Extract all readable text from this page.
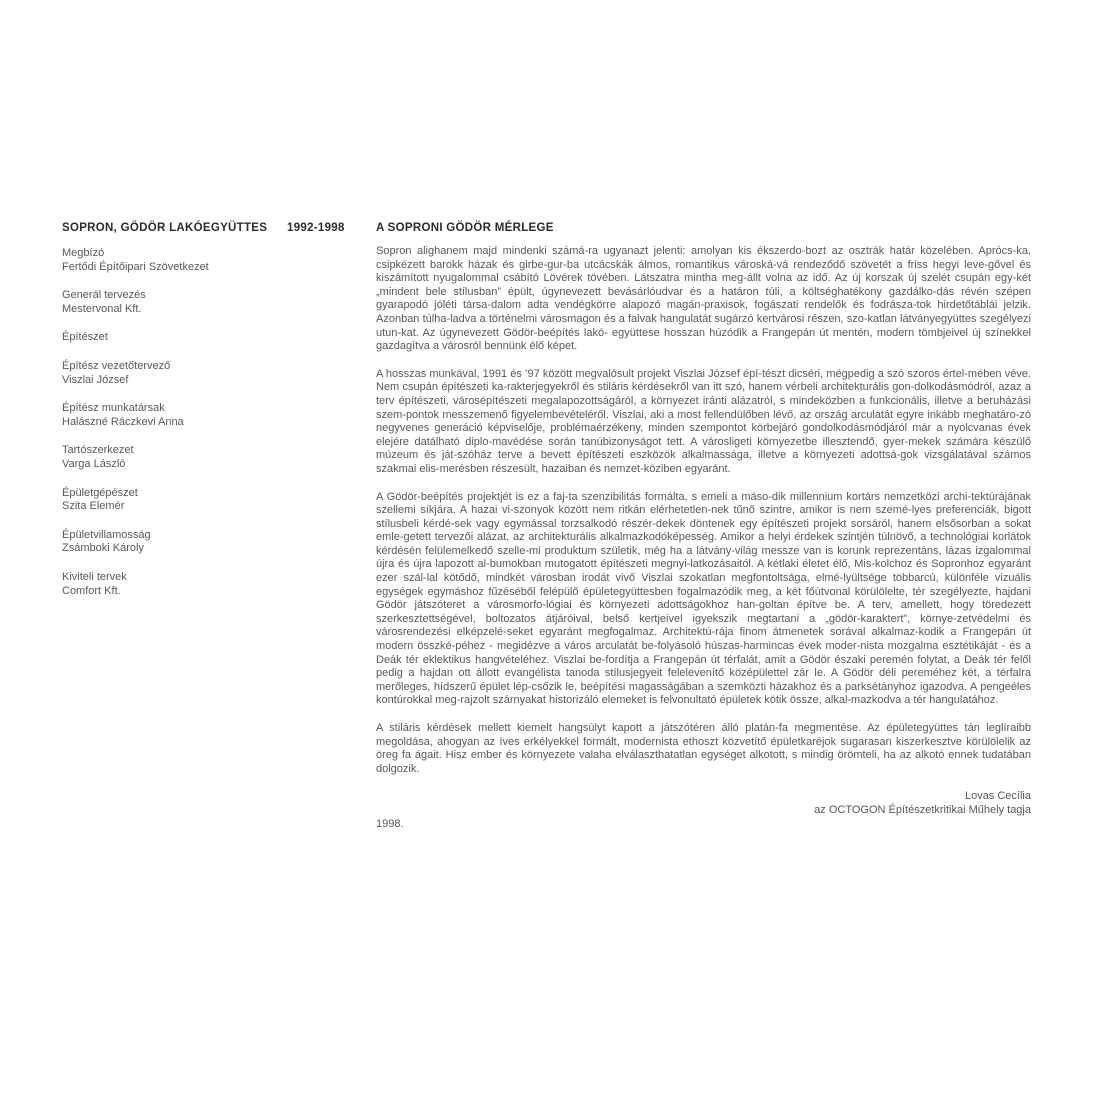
SOPRON, GÖDÖR LAKÓEGYÜTTES 1992-1998	A SOPRONI GÖDÖR MÉRLEGE
Megbízó
Fertődi Építőipari Szövetkezet
Generál tervezés
Mestervonal Kft.
Építészet
Építész vezetőtervező
Viszlai József
Építész munkatársak
Halászné Ráczkevi Anna
Tartószerkezet
Varga László
Épületgépészet
Szita Elemér
Épületvillamosság
Zsámboki Károly
Kiviteli tervek
Comfort Kft.

Sopron alighanem majd mindenki számá-ra ugyanazt jelenti: amolyan kis ékszerdo-bozt az osztrák határ közelében. Aprócs-ka, csipkézett barokk házak és girbe-gur-ba utcácskák álmos, romantikus városká-vá rendeződő szövetét a friss hegyi leve-gővel és kiszámított nyugalommal csábító Lövérek tövében. Látszatra mintha meg-állt volna az idő. Az új korszak új szelét csupán egy-két „mindent bele stílusban” épült, úgynevezett bevásárlóudvar és a határon túli, a költséghatékony gazdálko-dás révén szépen gyarapodó jóléti társa-dalom adta vendégkörre alapozó magán-praxisok, fogászati rendelők és fodrásza-tok hirdetőtáblái jelzik. Azonban túlha-ladva a történelmi városmagon és a falvak hangulatát sugárzó kertvárosi részen, szo-katlan látványegyüttes szegélyezi utun-kat. Az úgynevezett Gödör-beépítés lakó- együttese hosszan húzódik a Frangepán út mentén, modern tömbjeivel új színekkel gazdagítva a városról bennünk élő képet.

A hosszas munkával, 1991 és ’97 között megvalósult projekt Viszlai József épí-tészt dicséri, mégpedig a szó szoros értel-mében véve. Nem csupán építészeti ka-rakterjegyekről és stiláris kérdésekről van itt szó, hanem vérbeli architekturális gon-dolkodásmódról, azaz a terv építészeti, városépítészeti megalapozottságáról, a környezet iránti alázatról, s mindeközben a funkcionális, illetve a beruházási szem-pontok messzemenő figyelembevételéről. Viszlai, aki a most fellendülőben lévő, az ország arculatát egyre inkább meghatáro-zó negyvenes generáció képviselője, problémaérzékeny, minden szempontot körbejáró gondolkodásmódjáról már a nyolcvanas évek elejére datálható diplo-mavédése során tanúbizonyságot tett. A városligeti környezetbe illesztendő, gyer-mekek számára készülő múzeum és ját-szóház terve a bevett építészeti eszközök alkalmassága, illetve a környezeti adottsá-gok vizsgálatával számos szakmai elis-merésben részesült, hazaiban és nemzet-köziben egyaránt.

A Gödör-beépítés projektjét is ez a faj-ta szenzibilitás formálta, s emeli a máso-dik millennium kortárs nemzetközi archi-tektúrájának szellemi síkjára. A hazai vi-szonyok között nem ritkán elérhetetlen-nek tűnő szintre, amikor is nem szemé-lyes preferenciák, bigott stílusbeli kérdé-sek vagy egymással torzsalkodó részér-dekek döntenek egy építészeti projekt sorsáról, hanem elsősorban a sokat emle-getett tervezői alázat, az architekturális alkalmazkodóképesség. Amikor a helyi érdekek szintjén túlnövő, a technológiai korlátok kérdésén felülemelkedő szelle-mi produktum születik, még ha a látvány-világ messze van is korunk reprezentáns, lázas izgalommal újra és újra lapozott al-bumokban mutogatott építészeti megnyi-latkozásaitól. A kétlaki életet élő, Mis-kolchoz és Sopronhoz egyaránt ezer szál-lal kötődő, mindkét városban irodát vivő Viszlai szokatlan megfontoltsága, elmé-lyültsége többarcú, különféle vizuális egységek egymáshoz fűzéséből felépülő épületegyüttesben fogalmazódik meg, a két főútvonal körülölelte, tér szegélyezte, hajdani Gödör játszóteret a városmorfo-lógiai és környezeti adottságokhoz han-goltan építve be. A terv, amellett, hogy töredezett szerkesztettségével, boltozatos átjáróival, belső kertjeivel igyekszik megtartani a „gödör-karaktert”, környe-zetvédelmi és városrendezési elképzelé-seket egyaránt megfogalmaz. Architektú-rája finom átmenetek sorával alkalmaz-kodik a Frangepán út modern összké-péhez - megidézve a város arculatát be-folyásoló húszas-harmincas évek moder-nista mozgalma esztétikáját - és a Deák tér eklektikus hangvételéhez. Viszlai be-fordítja a Frangepán út térfalát, amit a Gödör északi peremén folytat, a Deák tér felől pedig a hajdan ott állott evangélista tanoda stílusjegyeit felelevenítő középülettel zár le. A Gödör déli pereméhez két, a térfalra merőleges, hídszerű épület lép-csőzik le, beépítési magasságában a szemközti házakhoz és a parksétányhoz igazodva. A pengeéles kontúrokkal meg-rajzolt szárnyakat historizáló elemeket is felvonultató épületek kötik össze, alkal-mazkodva a tér hangulatához.

A stiláris kérdések mellett kiemelt hangsúlyt kapott a játszótéren álló platán-fa megmentése. Az épületegyüttes tán leglíraibb megoldása, ahogyan az íves erkélyekkel formált, modernista ethoszt közvetítő épületkaréjok sugarasan kiszerkesztve körülölelik az öreg fa ágait. Hisz ember és környezete valaha elválaszthatatlan egységet alkotott, s mindig örömteli, ha az alkotó ennek tudatában dolgozik.

Lovas Cecília
az OCTOGON Építészetkritikai Műhely tagja
1998.
